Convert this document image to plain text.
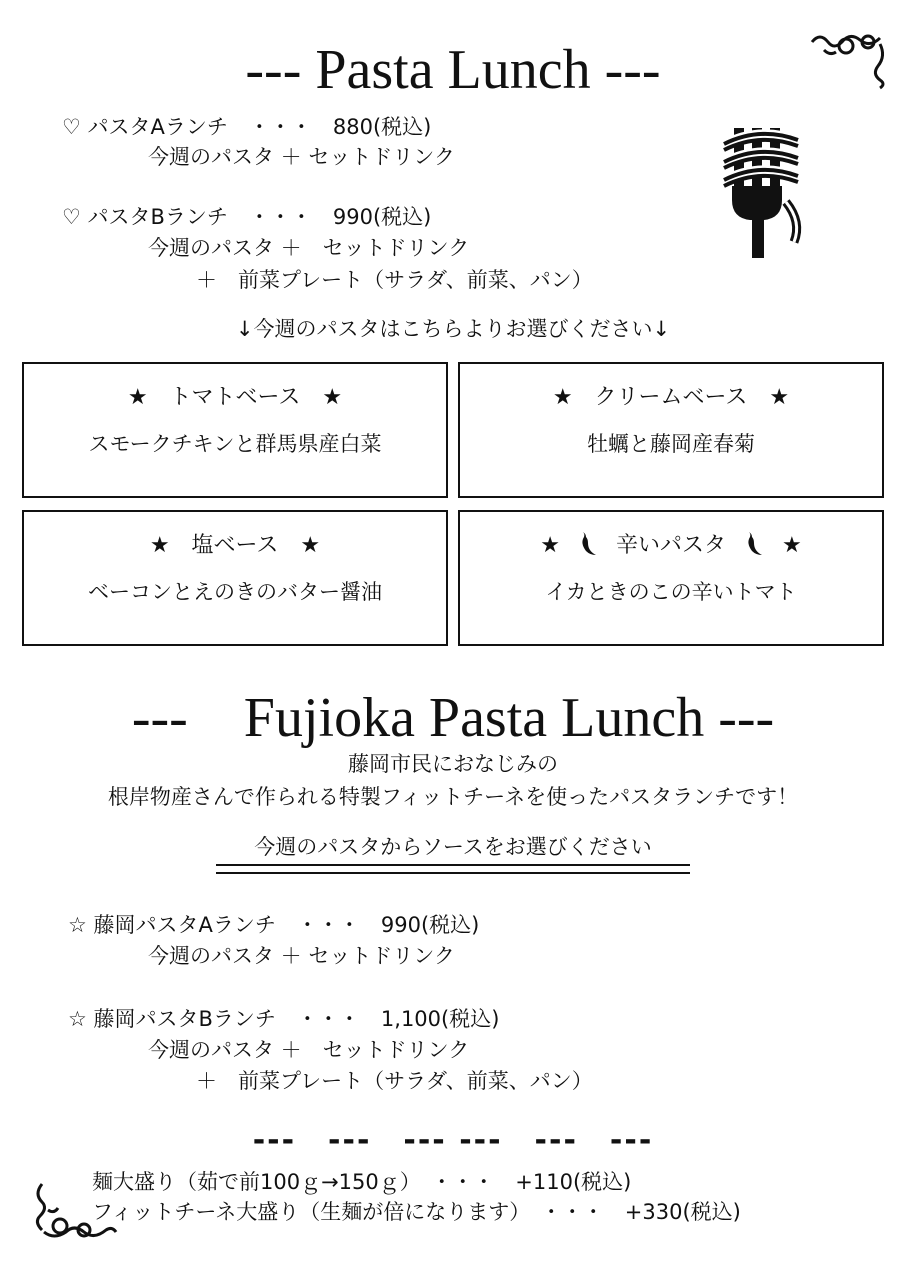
--- Pasta Lunch ---
♡ パスタAランチ　・・・　880(税込)
今週のパスタ ＋ セットドリンク
♡ パスタBランチ　・・・　990(税込)
今週のパスタ ＋　セットドリンク
＋　前菜プレート（サラダ、前菜、パン）
↓今週のパスタはこちらよりお選びください↓
★　トマトベース　★
スモークチキンと群馬県産白菜
★　クリームベース　★
牡蠣と藤岡産春菊
★　塩ベース　★
ベーコンとえのきのバター醤油
★	辛いパスタ	★
イカときのこの辛いトマト
---　Fujioka Pasta Lunch ---
藤岡市民におなじみの
根岸物産さんで作られる特製フィットチーネを使ったパスタランチです！
今週のパスタからソースをお選びください
☆ 藤岡パスタAランチ　・・・　990(税込)
今週のパスタ ＋ セットドリンク
☆ 藤岡パスタBランチ　・・・　1,100(税込)
今週のパスタ ＋　セットドリンク
＋　前菜プレート（サラダ、前菜、パン）
---　---　--- ---　---　---
麺大盛り（茹で前100ｇ→150ｇ）　・・・　+110(税込)
フィットチーネ大盛り（生麺が倍になります）　・・・　+330(税込)
